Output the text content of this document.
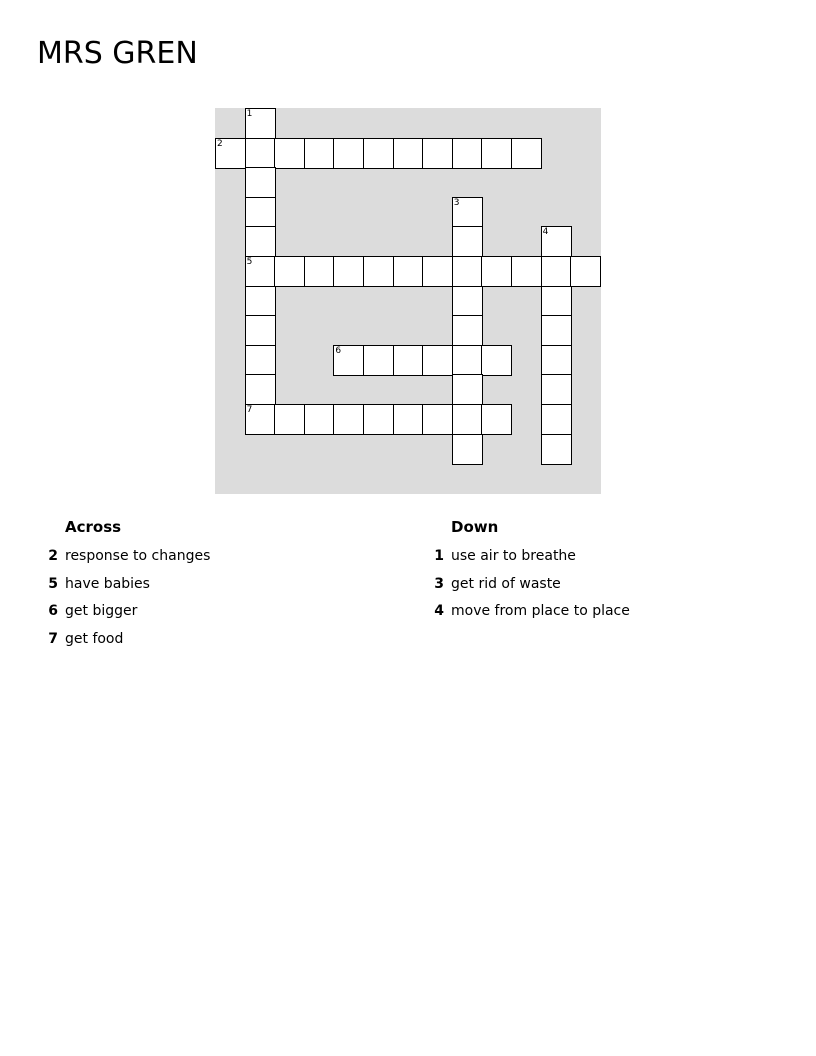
MRS GREN
1
2
3
4
5
6
7
Across
2 response to changes
5 have babies
6 get bigger
7 get food
Down
1 use air to breathe
3 get rid of waste
4 move from place to place
